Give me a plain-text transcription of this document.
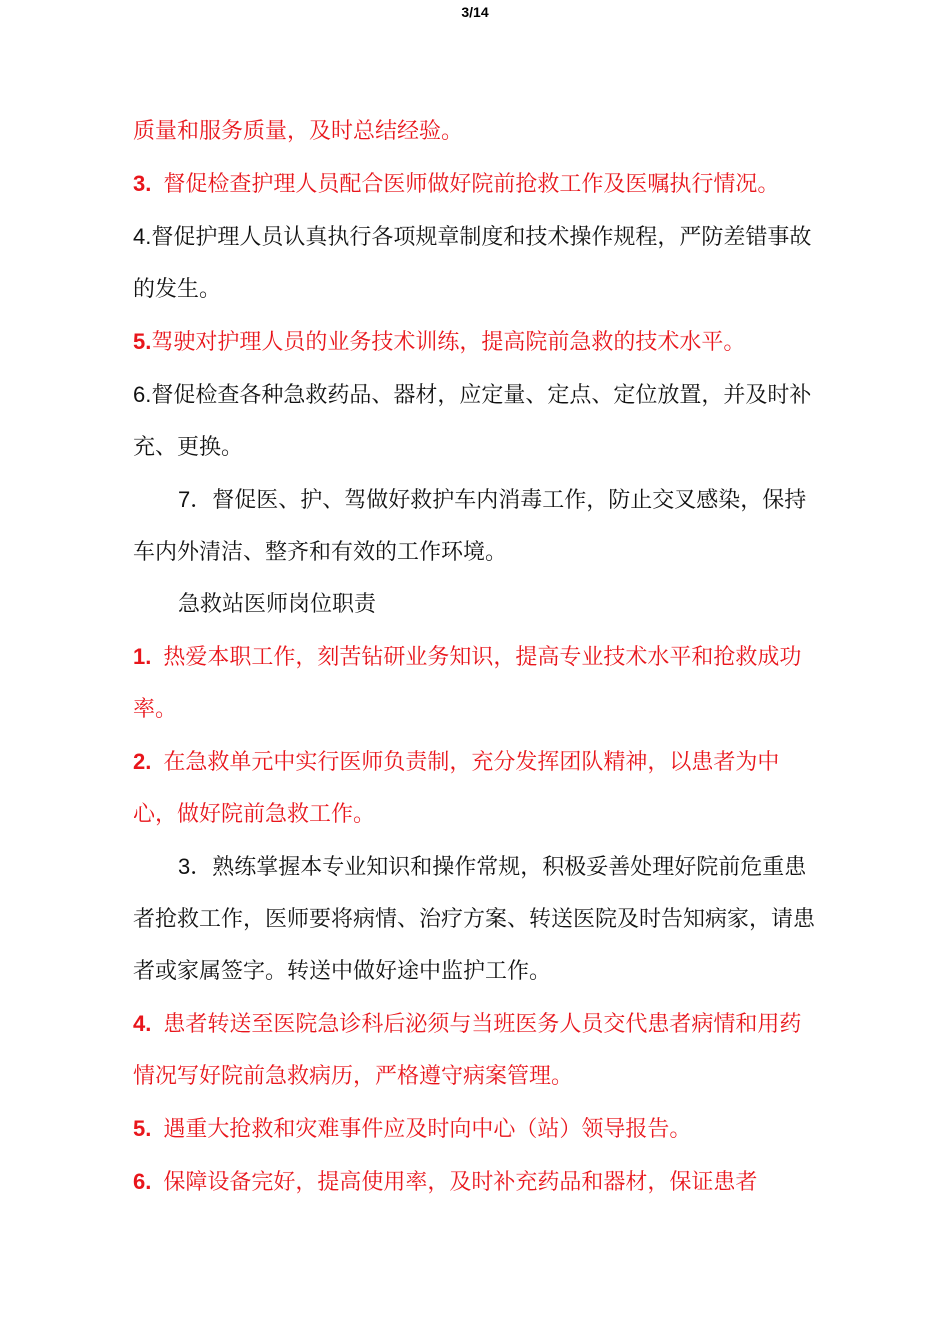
3/14

质量和服务质量，及时总结经验。

3. 督促检查护理人员配合医师做好院前抢救工作及医嘱执行情况。

4.督促护理人员认真执行各项规章制度和技术操作规程，严防差错事故的发生。

5.驾驶对护理人员的业务技术训练，提高院前急救的技术水平。

6.督促检查各种急救药品、器材，应定量、定点、定位放置，并及时补充、更换。

7．督促医、护、驾做好救护车内消毒工作，防止交叉感染，保持车内外清洁、整齐和有效的工作环境。

急救站医师岗位职责

1. 热爱本职工作，刻苦钻研业务知识，提高专业技术水平和抢救成功率。

2. 在急救单元中实行医师负责制，充分发挥团队精神，以患者为中心，做好院前急救工作。

3．熟练掌握本专业知识和操作常规，积极妥善处理好院前危重患者抢救工作，医师要将病情、治疗方案、转送医院及时告知病家，请患者或家属签字。转送中做好途中监护工作。

4. 患者转送至医院急诊科后泌须与当班医务人员交代患者病情和用药情况写好院前急救病历，严格遵守病案管理。

5. 遇重大抢救和灾难事件应及时向中心（站）领导报告。

6. 保障设备完好，提高使用率，及时补充药品和器材，保证患者
